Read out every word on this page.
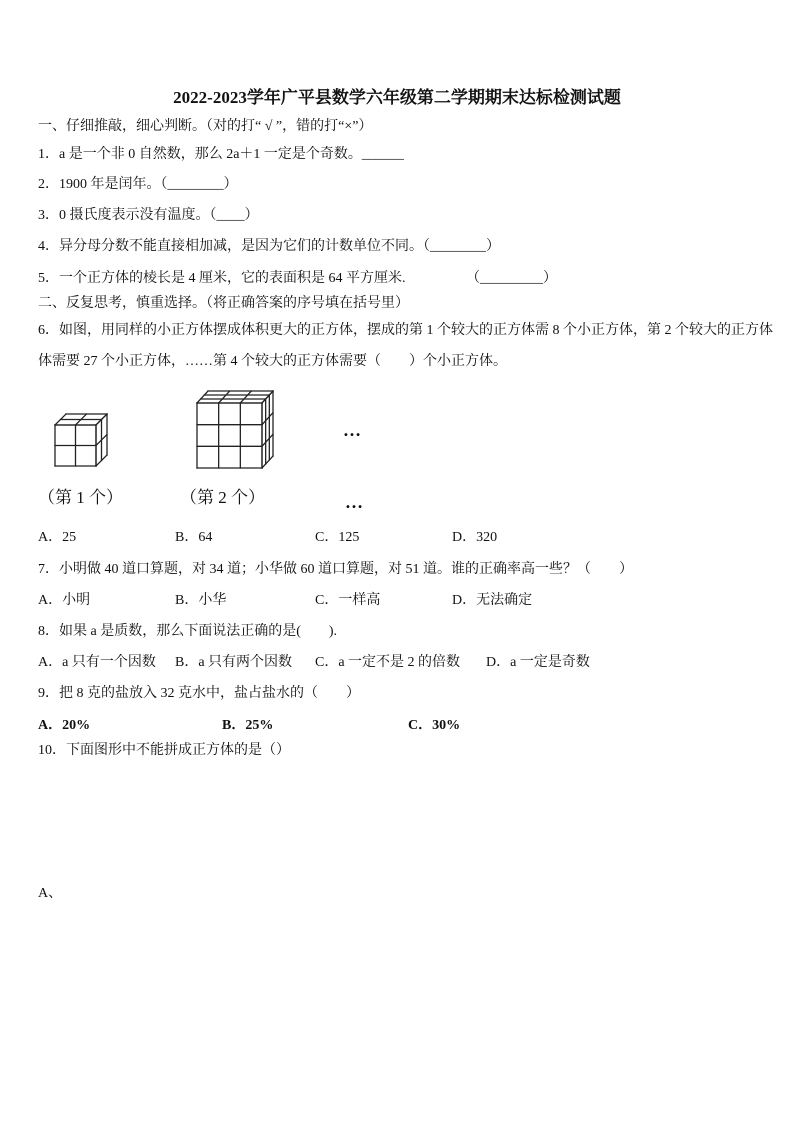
2022-2023学年广平县数学六年级第二学期期末达标检测试题
一、仔细推敲，细心判断。（对的打“ √ ”，错的打“×”）
1．a 是一个非 0 自然数，那么 2a＋1 一定是个奇数。______
2．1900 年是闰年。（________）
3．0 摄氏度表示没有温度。（____）
4．异分母分数不能直接相加减，是因为它们的计数单位不同。（________）
5．一个正方体的棱长是 4 厘米，它的表面积是 64 平方厘米.	（_________）
二、反复思考，慎重选择。（将正确答案的序号填在括号里）
6．如图，用同样的小正方体摆成体积更大的正方体，摆成的第 1 个较大的正方体需 8 个小正方体，第 2 个较大的正方体
体需要 27 个小正方体，……第 4 个较大的正方体需要（　　）个小正方体。
…
（第 1 个）	（第 2 个）	…
A．25	B．64	C．125	D．320
7．小明做 40 道口算题，对 34 道；小华做 60 道口算题，对 51 道。谁的正确率高一些？（　　）
A．小明	B．小华	C．一样高	D．无法确定
8．如果 a 是质数，那么下面说法正确的是(　　).
A．a 只有一个因数 B．a 只有两个因数 C．a 一定不是 2 的倍数 D．a 一定是奇数
9．把 8 克的盐放入 32 克水中，盐占盐水的（　　）
A．20%	B．25%	C．30%
10．下面图形中不能拼成正方体的是（）
A、
